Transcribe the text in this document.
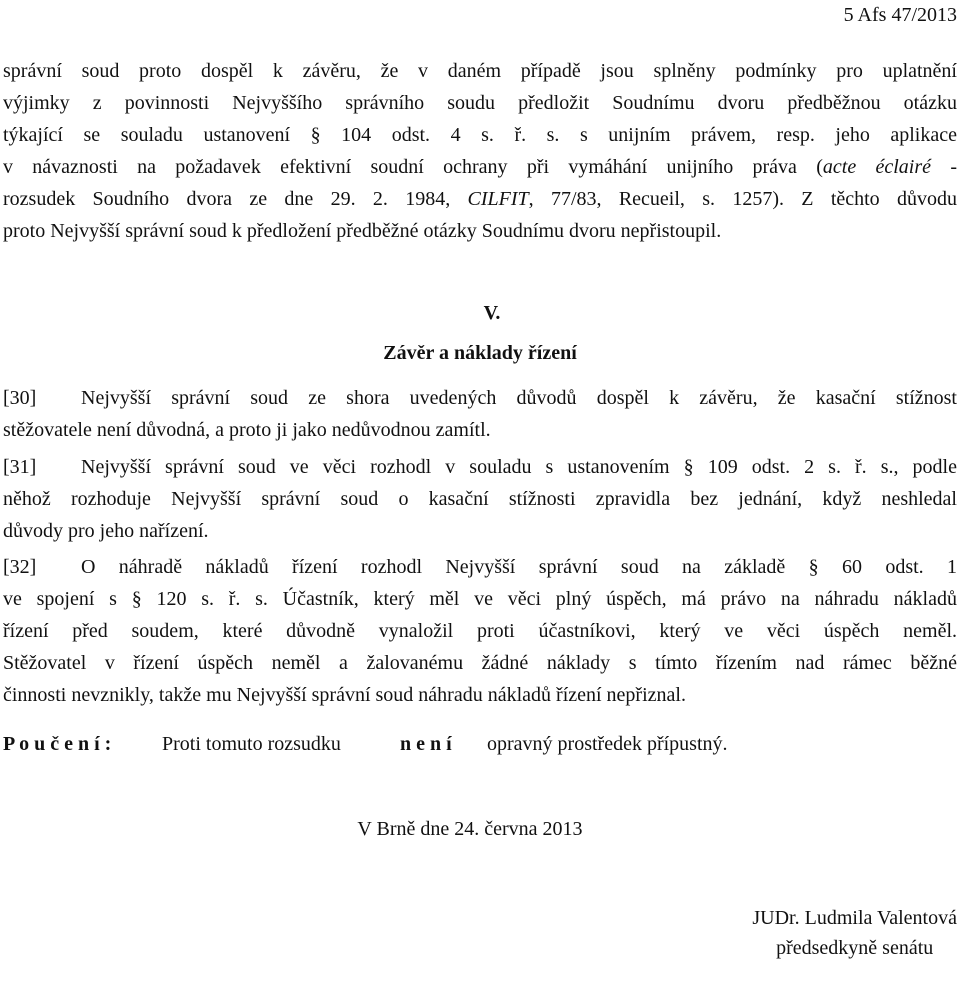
5 Afs 47/2013
správní soud proto dospěl k závěru, že v daném případě jsou splněny podmínky pro uplatnění
výjimky z povinnosti Nejvyššího správního soudu předložit Soudnímu dvoru předběžnou otázku
týkající se souladu ustanovení § 104 odst. 4 s. ř. s. s unijním právem, resp. jeho aplikace
v návaznosti na požadavek efektivní soudní ochrany při vymáhání unijního práva (acte éclairé -
rozsudek Soudního dvora ze dne 29. 2. 1984, CILFIT, 77/83, Recueil, s. 1257). Z těchto důvodu
proto Nejvyšší správní soud k předložení předběžné otázky Soudnímu dvoru nepřistoupil.
V.
Závěr a náklady řízení
[30] Nejvyšší správní soud ze shora uvedených důvodů dospěl k závěru, že kasační stížnost
stěžovatele není důvodná, a proto ji jako nedůvodnou zamítl.
[31] Nejvyšší správní soud ve věci rozhodl v souladu s ustanovením § 109 odst. 2 s. ř. s., podle
něhož rozhoduje Nejvyšší správní soud o kasační stížnosti zpravidla bez jednání, když neshledal
důvody pro jeho nařízení.
[32] O náhradě nákladů řízení rozhodl Nejvyšší správní soud na základě § 60 odst. 1
ve spojení s § 120 s. ř. s. Účastník, který měl ve věci plný úspěch, má právo na náhradu nákladů
řízení před soudem, které důvodně vynaložil proti účastníkovi, který ve věci úspěch neměl.
Stěžovatel v řízení úspěch neměl a žalovanému žádné náklady s tímto řízením nad rámec běžné
činnosti nevznikly, takže mu Nejvyšší správní soud náhradu nákladů řízení nepřiznal.
P o u č e n í :	Proti tomuto rozsudku	n e n í opravný prostředek přípustný.
V Brně dne 24. června 2013
JUDr. Ludmila Valentová
předsedkyně senátu
